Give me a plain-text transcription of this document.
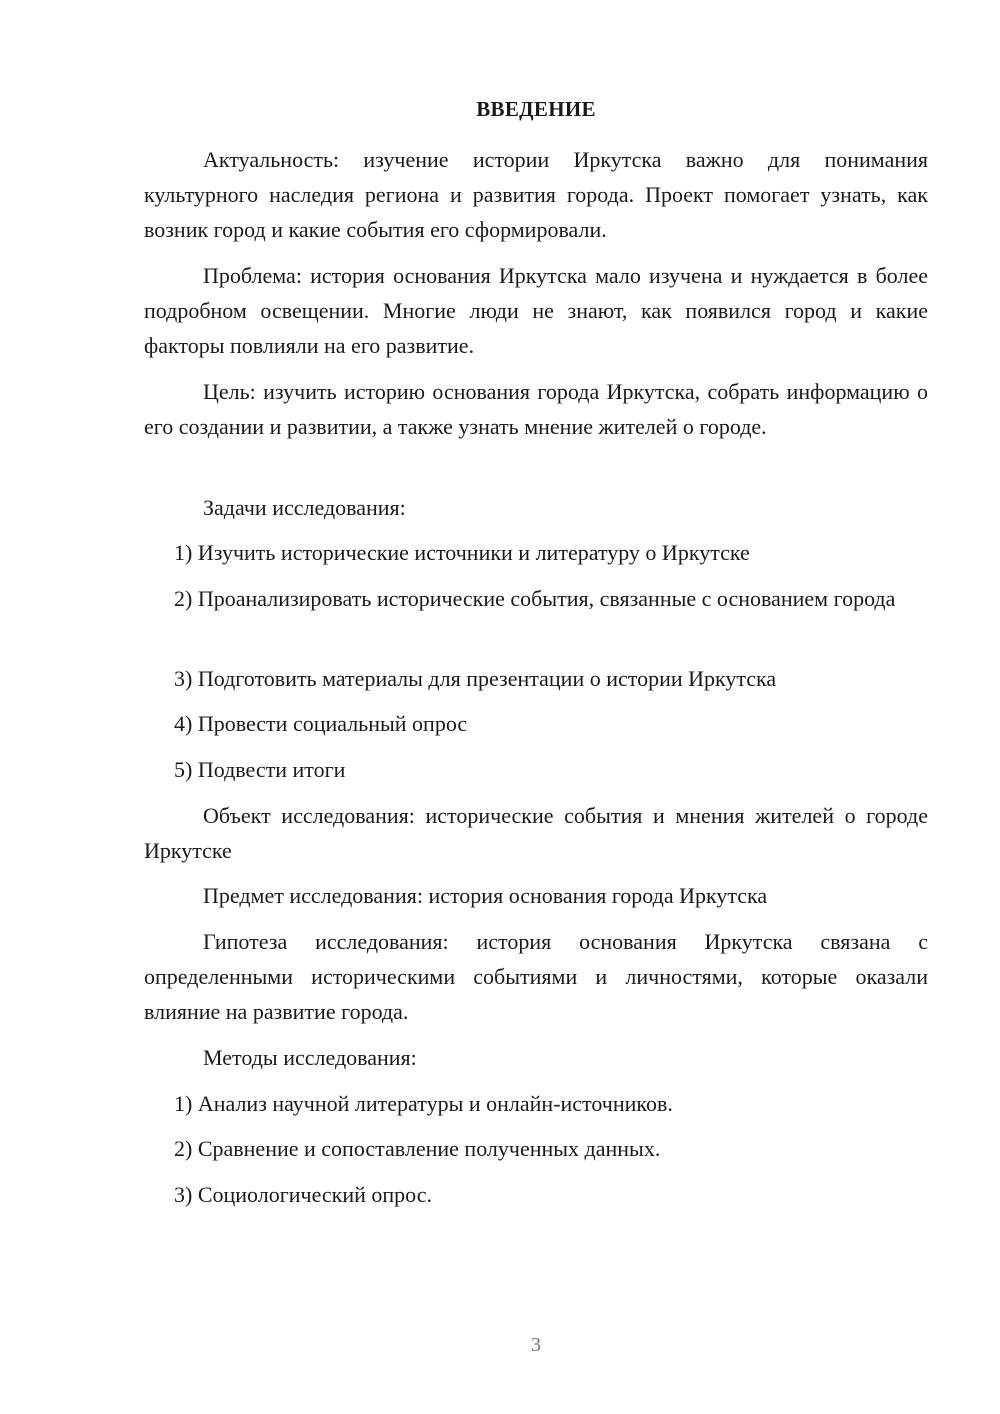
ВВЕДЕНИЕ
Актуальность: изучение истории Иркутска важно для понимания культурного наследия региона и развития города. Проект помогает узнать, как возник город и какие события его сформировали.
Проблема: история основания Иркутска мало изучена и нуждается в более подробном освещении. Многие люди не знают, как появился город и какие факторы повлияли на его развитие.
Цель: изучить историю основания города Иркутска, собрать информацию о его создании и развитии, а также узнать мнение жителей о городе.
Задачи исследования:
1) Изучить исторические источники и литературу о Иркутске
2) Проанализировать исторические события, связанные с основанием города
3) Подготовить материалы для презентации о истории Иркутска
4) Провести социальный опрос
5) Подвести итоги
Объект исследования: исторические события и мнения жителей о городе Иркутске
Предмет исследования: история основания города Иркутска
Гипотеза исследования: история основания Иркутска связана с определенными историческими событиями и личностями, которые оказали влияние на развитие города.
Методы исследования:
1) Анализ научной литературы и онлайн-источников.
2) Сравнение и сопоставление полученных данных.
3) Социологический опрос.
3
